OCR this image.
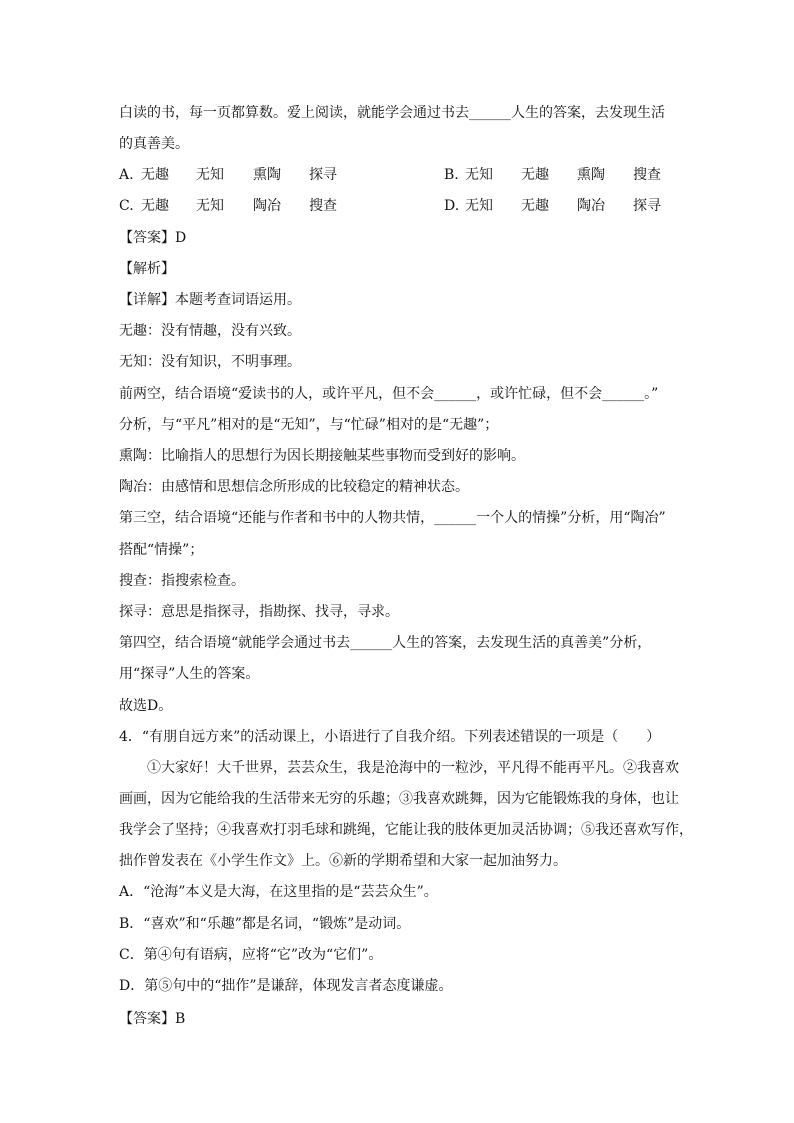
白读的书，每一页都算数。爱上阅读，就能学会通过书去______人生的答案，去发现生活
的真善美。
A. 无趣 无知 熏陶 探寻	B. 无知 无趣 熏陶 搜查
C. 无趣 无知 陶冶 搜查	D. 无知 无趣 陶冶 探寻
【答案】D
【解析】
【详解】本题考查词语运用。
无趣：没有情趣，没有兴致。
无知：没有知识，不明事理。
前两空，结合语境“爱读书的人，或许平凡，但不会______，或许忙碌，但不会______。”
分析，与“平凡”相对的是“无知”，与“忙碌”相对的是“无趣”；
熏陶：比喻指人的思想行为因长期接触某些事物而受到好的影响。
陶冶：由感情和思想信念所形成的比较稳定的精神状态。
第三空，结合语境“还能与作者和书中的人物共情，______一个人的情操”分析，用“陶冶”
搭配“情操”；
搜查：指搜索检查。
探寻：意思是指探寻，指勘探、找寻，寻求。
第四空，结合语境“就能学会通过书去______人生的答案，去发现生活的真善美”分析，
用“探寻”人生的答案。
故选D。
4．“有朋自远方来”的活动课上，小语进行了自我介绍。下列表述错误的一项是（　　）
①大家好！大千世界，芸芸众生，我是沧海中的一粒沙，平凡得不能再平凡。②我喜欢
画画，因为它能给我的生活带来无穷的乐趣；③我喜欢跳舞，因为它能锻炼我的身体，也让
我学会了坚持；④我喜欢打羽毛球和跳绳，它能让我的肢体更加灵活协调；⑤我还喜欢写作，
拙作曾发表在《小学生作文》上。⑥新的学期希望和大家一起加油努力。
A．“沧海”本义是大海，在这里指的是“芸芸众生”。
B．“喜欢”和“乐趣”都是名词，“锻炼”是动词。
C．第④句有语病，应将“它”改为“它们”。
D．第⑤句中的“拙作”是谦辞，体现发言者态度谦虚。
【答案】B
